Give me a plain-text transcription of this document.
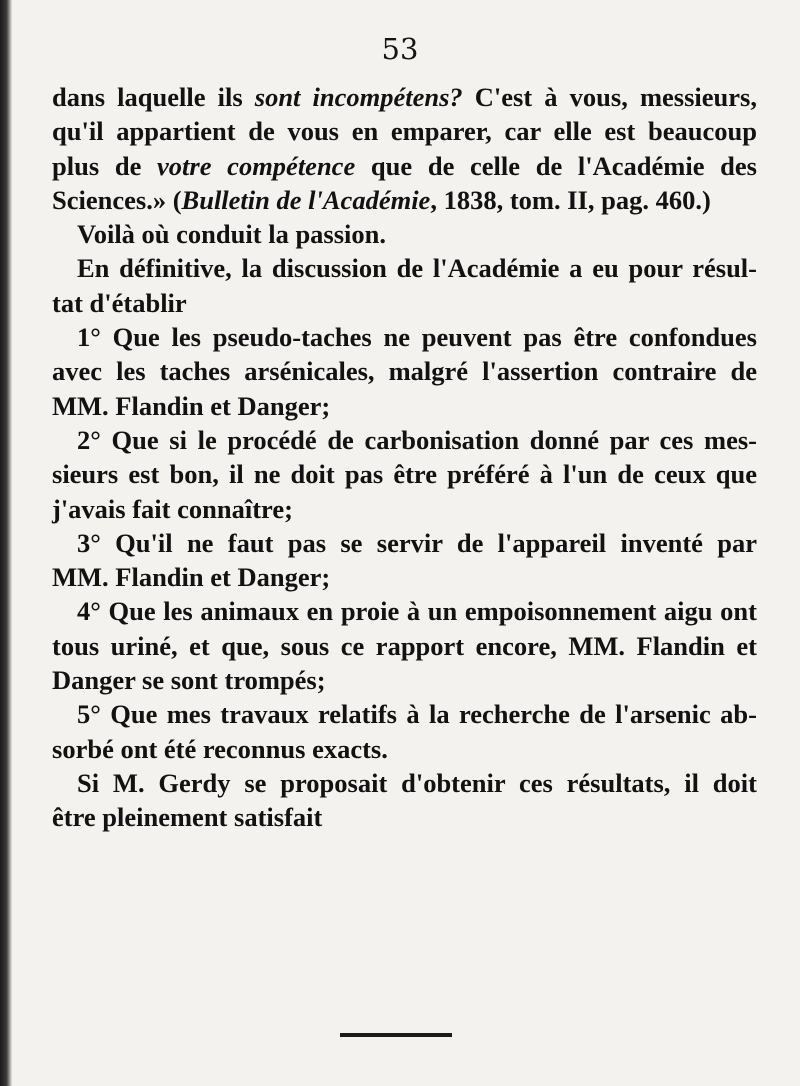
53
dans laquelle ils sont incompétens? C'est à vous, messieurs,
qu'il appartient de vous en emparer, car elle est beaucoup
plus de votre compétence que de celle de l'Académie des
Sciences.» (Bulletin de l'Académie, 1838, tom. II, pag. 460.)
Voilà où conduit la passion.
En définitive, la discussion de l'Académie a eu pour résul-
tat d'établir
1° Que les pseudo-taches ne peuvent pas être confondues
avec les taches arsénicales, malgré l'assertion contraire de
MM. Flandin et Danger;
2° Que si le procédé de carbonisation donné par ces mes-
sieurs est bon, il ne doit pas être préféré à l'un de ceux que
j'avais fait connaître;
3° Qu'il ne faut pas se servir de l'appareil inventé par
MM. Flandin et Danger;
4° Que les animaux en proie à un empoisonnement aigu ont
tous uriné, et que, sous ce rapport encore, MM. Flandin et
Danger se sont trompés;
5° Que mes travaux relatifs à la recherche de l'arsenic ab-
sorbé ont été reconnus exacts.
Si M. Gerdy se proposait d'obtenir ces résultats, il doit
être pleinement satisfait
